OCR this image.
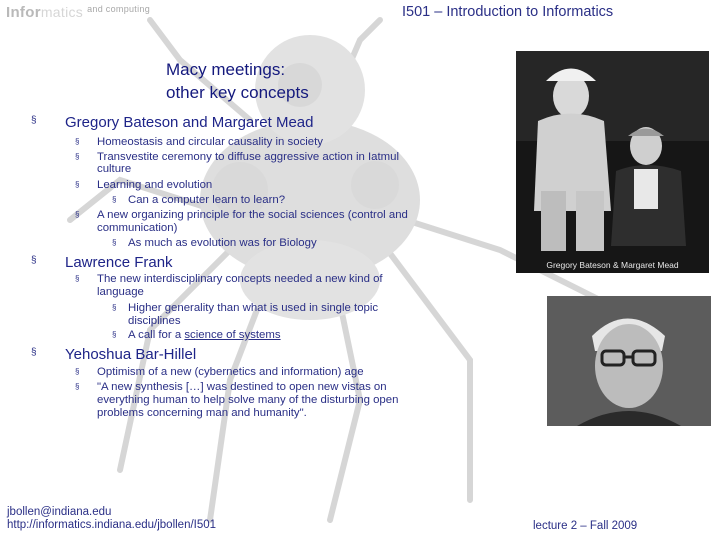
Informatics $^{and computing}$	I501 – Introduction to Informatics
Macy meetings:
other key concepts
§ Gregory Bateson and Margaret Mead
§ Homeostasis and circular causality in society
§ Transvestite ceremony to diffuse aggressive action in Iatmul
culture
§ Learning and evolution
§ Can a computer learn to learn?
§ A new organizing principle for the social sciences (control and
communication)
§ As much as evolution was for Biology
§ Lawrence Frank
§ The new interdisciplinary concepts needed a new kind of
language
§ Higher generality than what is used in single topic
disciplines
§ A call for a science of systems
§ Yehoshua Bar-Hillel
§ Optimism of a new (cybernetics and information) age
§ "A new synthesis […] was destined to open new vistas on
everything human to help solve many of the disturbing open
problems concerning man and humanity".
Gregory Bateson & Margaret Mead
jbollen@indiana.edu
http://informatics.indiana.edu/jbollen/I501	lecture 2 – Fall 2009
